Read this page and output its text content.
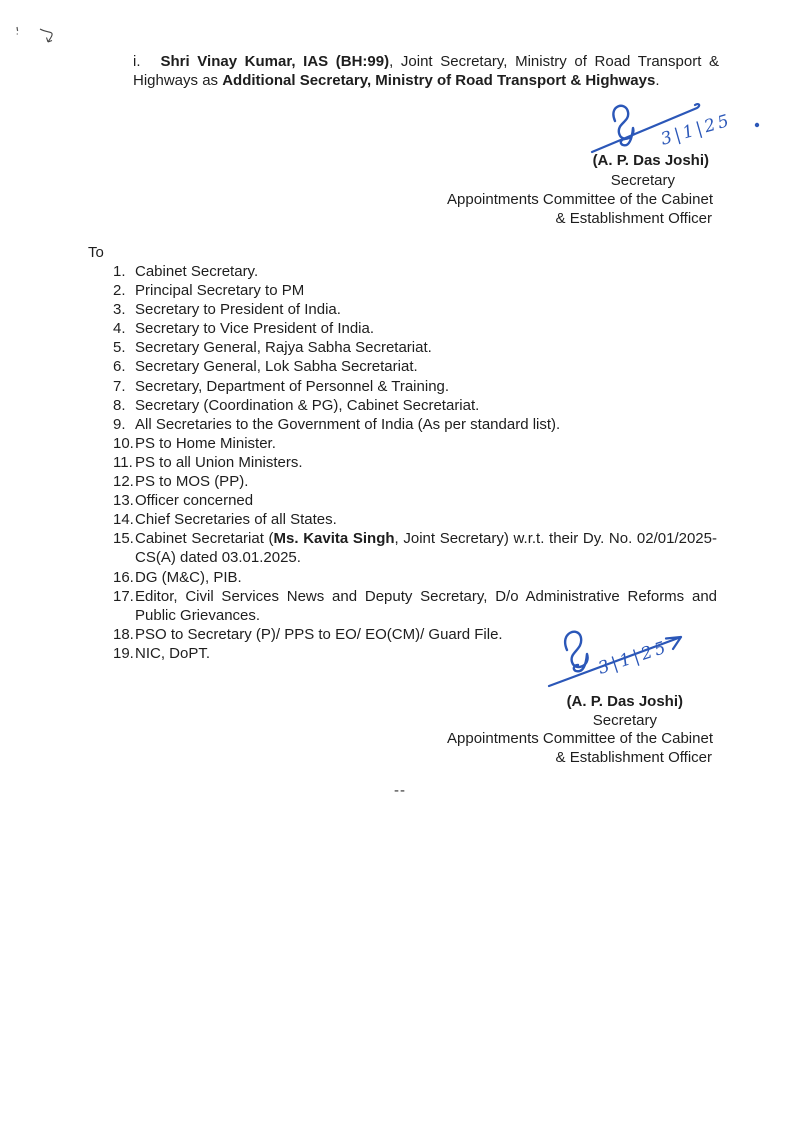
i. Shri Vinay Kumar, IAS (BH:99), Joint Secretary, Ministry of Road Transport & Highways as Additional Secretary, Ministry of Road Transport & Highways.
3|1|25
(A. P. Das Joshi)
Secretary
Appointments Committee of the Cabinet
& Establishment Officer
To
1. Cabinet Secretary.
2. Principal Secretary to PM
3. Secretary to President of India.
4. Secretary to Vice President of India.
5. Secretary General, Rajya Sabha Secretariat.
6. Secretary General, Lok Sabha Secretariat.
7. Secretary, Department of Personnel & Training.
8. Secretary (Coordination & PG), Cabinet Secretariat.
9. All Secretaries to the Government of India (As per standard list).
10. PS to Home Minister.
11. PS to all Union Ministers.
12. PS to MOS (PP).
13. Officer concerned
14. Chief Secretaries of all States.
15. Cabinet Secretariat (Ms. Kavita Singh, Joint Secretary) w.r.t. their Dy. No. 02/01/2025-CS(A) dated 03.01.2025.
16. DG (M&C), PIB.
17. Editor, Civil Services News and Deputy Secretary, D/o Administrative Reforms and Public Grievances.
18. PSO to Secretary (P)/ PPS to EO/ EO(CM)/ Guard File.
19. NIC, DoPT.	3|1|25
(A. P. Das Joshi)
Secretary
Appointments Committee of the Cabinet
& Establishment Officer
--
